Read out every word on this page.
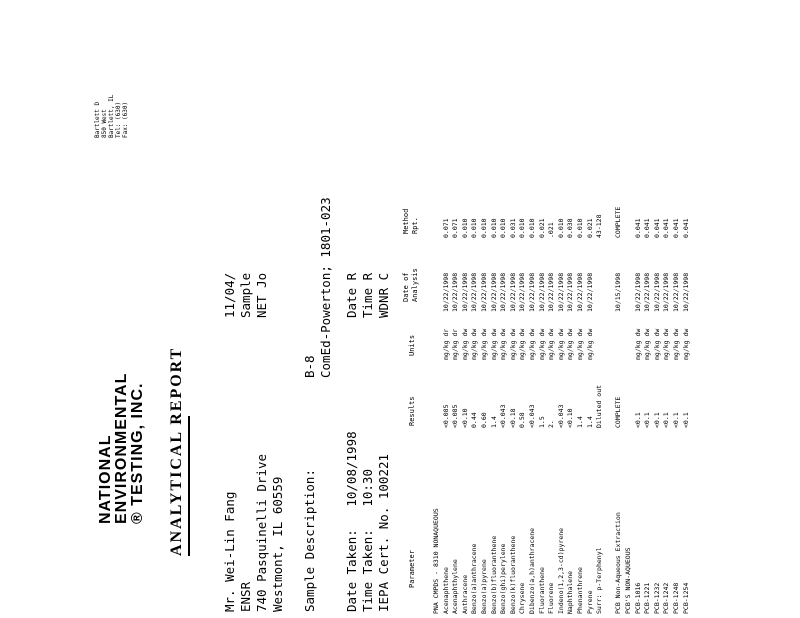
NATIONAL ENVIRONMENTAL ® TESTING, INC.
Bartlett D 850 West Bartlett, IL Tel: (630) Fax: (630)
ANALYTICAL REPORT	Mr. Wei-Lin Fang ENSR 740 Pasquinelli Drive Westmont, IL 60559
11/04/ Sample NET Jo
Sample Description:
B-8 ComEd-Powerton; 1801-023
Date Taken:   10/08/1998 Time Taken:   10:30 IEPA Cert. No. 100221
Date R Time R WDNR C
Parameter
Results
Units
Date of
Analysis
Method
Rpt.
PNA CMPDS - 8310 NONAQUEOUS Acenaphthene
<0.085
mg/kg dr
10/22/1998
0.071
Acenaphthylene
<0.085
mg/kg dr
10/22/1998
0.071
Anthracene
<0.10
mg/kg dw
10/22/1998
0.010
Benzo(a)anthracene
0.44
mg/kg dw
10/22/1998
0.010
Benzo(a)pyrene
0.60
mg/kg dw
10/22/1998
0.010
Benzo(b)fluoranthene
1.4
mg/kg dw
10/22/1998
0.010
Benzo(ghi)perylene
<0.043
mg/kg dw
10/22/1998
0.010
Benzo(k)fluoranthene
<0.18
mg/kg dw
10/22/1998
0.031
Chrysene
0.58
mg/kg dw
10/22/1998
0.010
Dibenzo(a,h)anthracene
<0.043
mg/kg dw
10/22/1998
0.010
Fluoranthene
1.5
mg/kg dw
10/22/1998
0.021
Fluorene
2.
mg/kg dw
10/22/1998
.021
Indeno(1,2,3-cd)pyrene
<0.043
mg/kg dw
10/22/1998
0.010
Naphthalene
<0.10
mg/kg dw
10/22/1998
0.038
Phenanthrene
1.4
mg/kg dw
10/22/1998
0.010
Pyrene
1.4
mg/kg dw
10/22/1998
0.021
Surr: p-Terphenyl
Diluted out
43-128
PCB Non-Aqueous Extraction
COMPLETE
10/15/1998
COMPLETE
PCB'S NON-AQUEOUS PCB-1016
<0.1
mg/kg dw
10/22/1998
0.041
PCB-1221
<0.1
mg/kg dw
10/22/1998
0.041
PCB-1232
<0.1
mg/kg dw
10/22/1998
0.041
PCB-1242
<0.1
mg/kg dw
10/22/1998
0.041
PCB-1248
<0.1
mg/kg dw
10/22/1998
0.041
PCB-1254
<0.1
mg/kg dw
10/22/1998
0.041
